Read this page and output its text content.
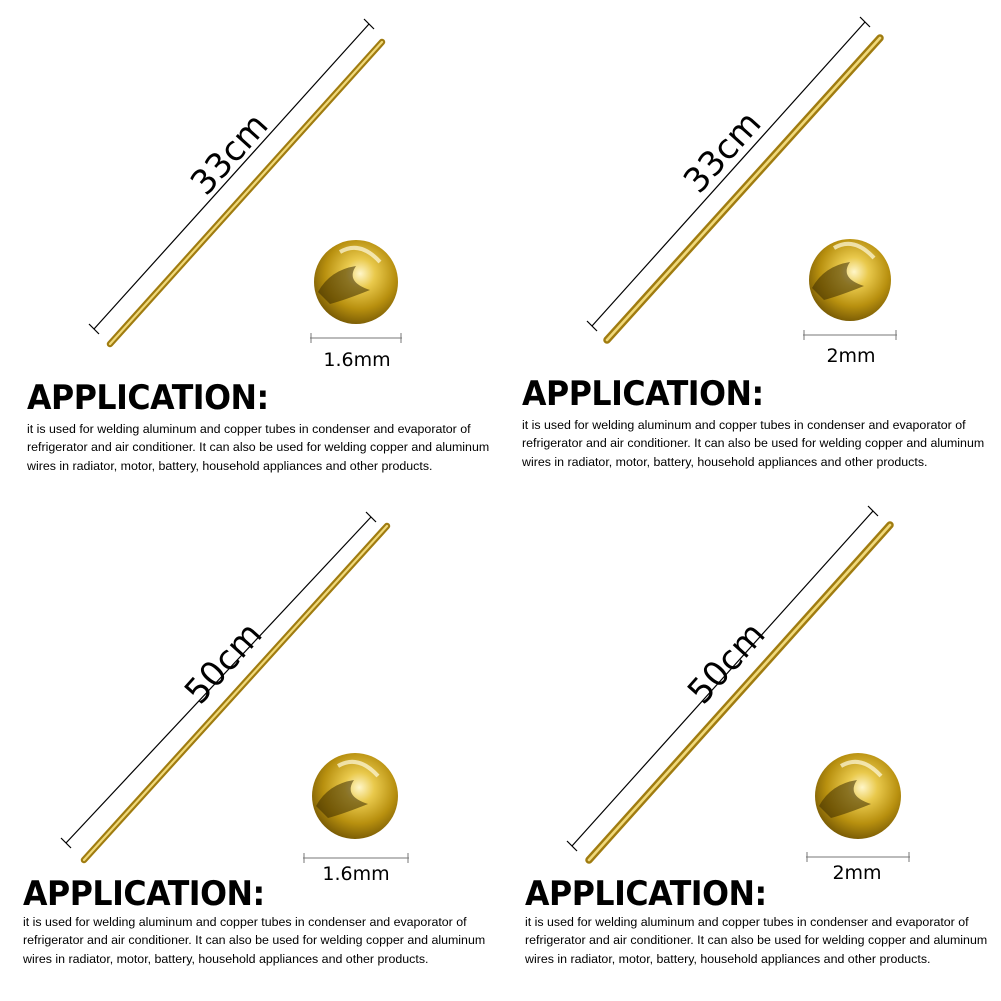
33cm
1.6mm
APPLICATION:
it is used for welding aluminum and copper tubes in condenser and evaporator of refrigerator and air conditioner. It can also be used for welding copper and aluminum wires in radiator, motor, battery, household appliances and other products.
33cm
2mm
APPLICATION:
it is used for welding aluminum and copper tubes in condenser and evaporator of refrigerator and air conditioner. It can also be used for welding copper and aluminum wires in radiator, motor, battery, household appliances and other products.
50cm
1.6mm
APPLICATION:
it is used for welding aluminum and copper tubes in condenser and evaporator of refrigerator and air conditioner. It can also be used for welding copper and aluminum wires in radiator, motor, battery, household appliances and other products.
50cm
2mm
APPLICATION:
it is used for welding aluminum and copper tubes in condenser and evaporator of refrigerator and air conditioner. It can also be used for welding copper and aluminum wires in radiator, motor, battery, household appliances and other products.
